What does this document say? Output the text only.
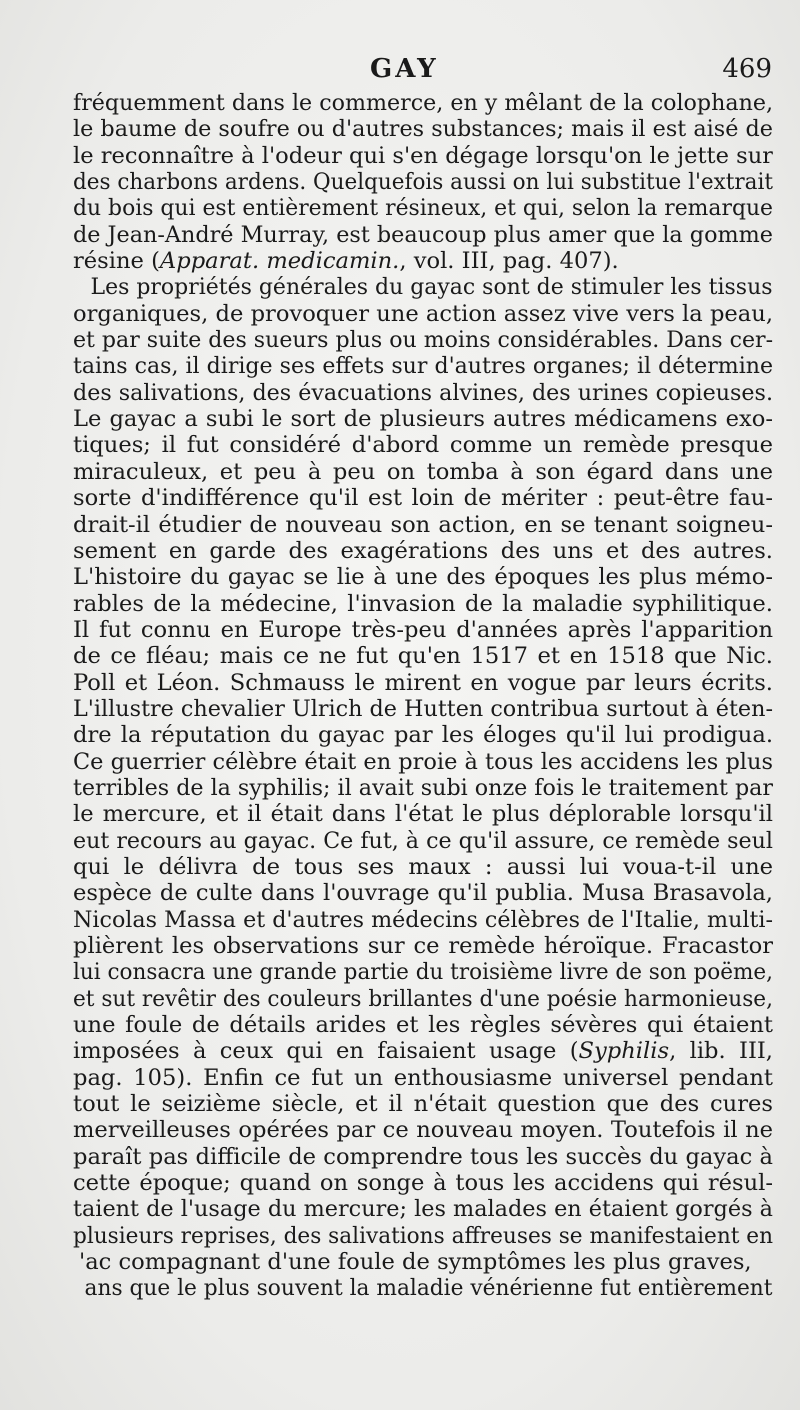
GAY	469
fréquemment dans le commerce, en y mêlant de la colophane,
le baume de soufre ou d'autres substances; mais il est aisé de
le reconnaître à l'odeur qui s'en dégage lorsqu'on le jette sur
des charbons ardens. Quelquefois aussi on lui substitue l'extrait
du bois qui est entièrement résineux, et qui, selon la remarque
de Jean-André Murray, est beaucoup plus amer que la gomme
résine (Apparat. medicamin., vol. III, pag. 407).
Les propriétés générales du gayac sont de stimuler les tissus
organiques, de provoquer une action assez vive vers la peau,
et par suite des sueurs plus ou moins considérables. Dans cer-
tains cas, il dirige ses effets sur d'autres organes; il détermine
des salivations, des évacuations alvines, des urines copieuses.
Le gayac a subi le sort de plusieurs autres médicamens exo-
tiques; il fut considéré d'abord comme un remède presque
miraculeux, et peu à peu on tomba à son égard dans une
sorte d'indifférence qu'il est loin de mériter : peut-être fau-
drait-il étudier de nouveau son action, en se tenant soigneu-
sement en garde des exagérations des uns et des autres.
L'histoire du gayac se lie à une des époques les plus mémo-
rables de la médecine, l'invasion de la maladie syphilitique.
Il fut connu en Europe très-peu d'années après l'apparition
de ce fléau; mais ce ne fut qu'en 1517 et en 1518 que Nic.
Poll et Léon. Schmauss le mirent en vogue par leurs écrits.
L'illustre chevalier Ulrich de Hutten contribua surtout à éten-
dre la réputation du gayac par les éloges qu'il lui prodigua.
Ce guerrier célèbre était en proie à tous les accidens les plus
terribles de la syphilis; il avait subi onze fois le traitement par
le mercure, et il était dans l'état le plus déplorable lorsqu'il
eut recours au gayac. Ce fut, à ce qu'il assure, ce remède seul
qui le délivra de tous ses maux : aussi lui voua-t-il une
espèce de culte dans l'ouvrage qu'il publia. Musa Brasavola,
Nicolas Massa et d'autres médecins célèbres de l'Italie, multi-
plièrent les observations sur ce remède héroïque. Fracastor
lui consacra une grande partie du troisième livre de son poëme,
et sut revêtir des couleurs brillantes d'une poésie harmonieuse,
une foule de détails arides et les règles sévères qui étaient
imposées à ceux qui en faisaient usage (Syphilis, lib. III,
pag. 105). Enfin ce fut un enthousiasme universel pendant
tout le seizième siècle, et il n'était question que des cures
merveilleuses opérées par ce nouveau moyen. Toutefois il ne
paraît pas difficile de comprendre tous les succès du gayac à
cette époque; quand on songe à tous les accidens qui résul-
taient de l'usage du mercure; les malades en étaient gorgés à
plusieurs reprises, des salivations affreuses se manifestaient en
'ac compagnant d'une foule de symptômes les plus graves,
ans que le plus souvent la maladie vénérienne fut entièrement
